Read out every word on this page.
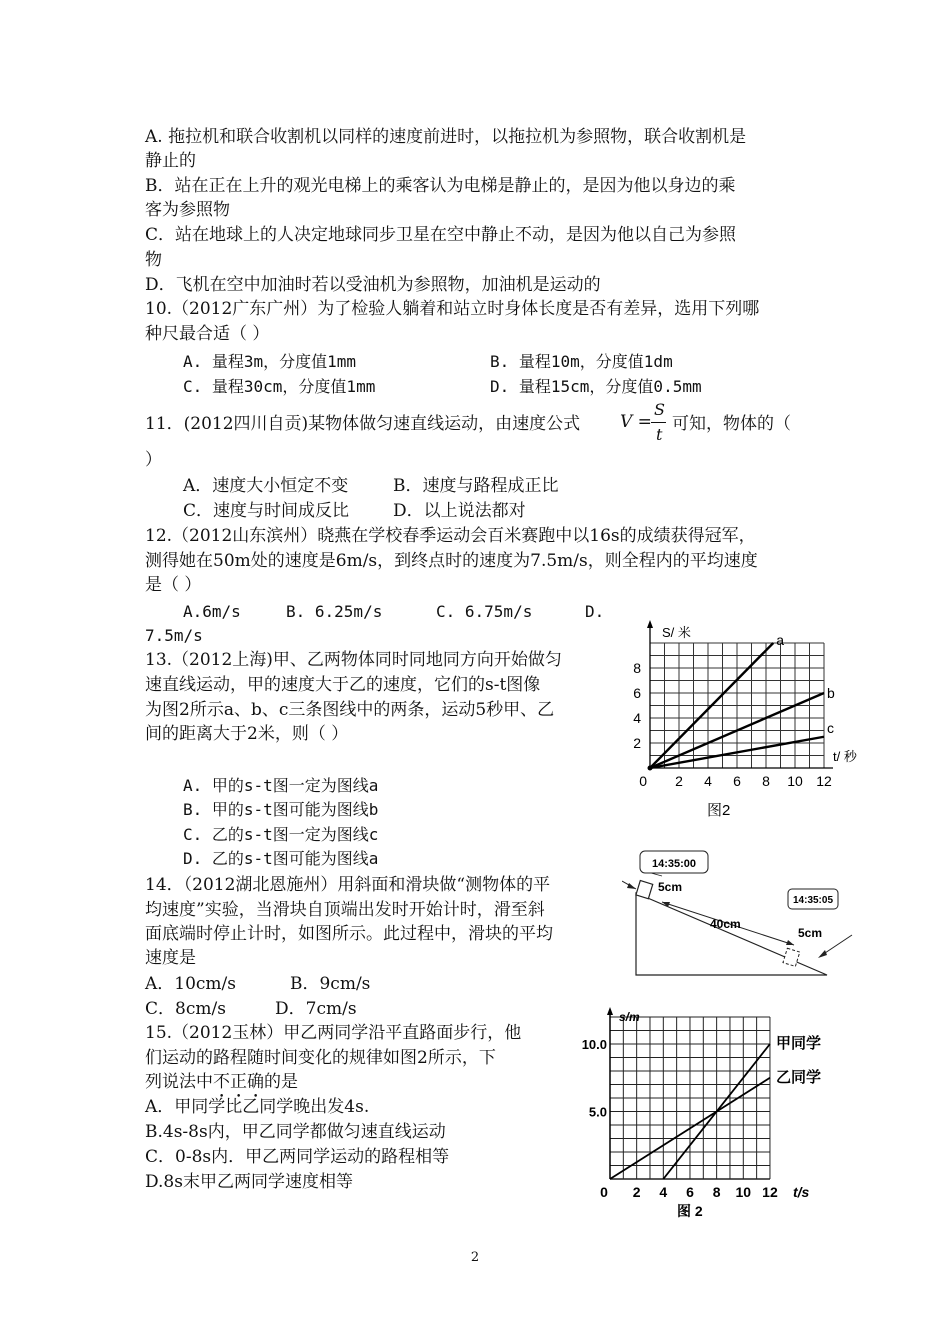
A. 拖拉机和联合收割机以同样的速度前进时，以拖拉机为参照物，联合收割机是
静止的
B．站在正在上升的观光电梯上的乘客认为电梯是静止的，是因为他以身边的乘
客为参照物
C．站在地球上的人决定地球同步卫星在空中静止不动，是因为他以自己为参照
物
D．飞机在空中加油时若以受油机为参照物，加油机是运动的
10.（2012广东广州）为了检验人躺着和站立时身体长度是否有差异，选用下列哪
种尺最合适（ ）
A. 量程3m，分度值1mm	B. 量程10m，分度值1dm
C. 量程30cm，分度值1mm	D. 量程15cm，分度值0.5mm
11．(2012四川自贡)某物体做匀速直线运动，由速度公式 V =
S
t
可知，物体的（
）
A．速度大小恒定不变	B．速度与路程成正比
C．速度与时间成反比	D．以上说法都对
12.（2012山东滨州）晓燕在学校春季运动会百米赛跑中以16s的成绩获得冠军，
测得她在50m处的速度是6m/s，到终点时的速度为7.5m/s，则全程内的平均速度
是（ ）
A.6m/s	B. 6.25m/s	C. 6.75m/s	D.
7.5m/s
13.（2012上海)甲、乙两物体同时同地同方向开始做匀
速直线运动，甲的速度大于乙的速度，它们的s-t图像
为图2所示a、b、c三条图线中的两条，运动5秒甲、乙
间的距离大于2米，则（ ）
A. 甲的s-t图一定为图线a
B. 甲的s-t图可能为图线b
C. 乙的s-t图一定为图线c
D. 乙的s-t图可能为图线a
14．（2012湖北恩施州）用斜面和滑块做“测物体的平
均速度”实验，当滑块自顶端出发时开始计时，滑至斜
面底端时停止计时，如图所示。此过程中，滑块的平均
速度是
A．10cm/s	B．9cm/s
C．8cm/s	D．7cm/s
15.（2012玉林）甲乙两同学沿平直路面步行，他
们运动的路程随时间变化的规律如图2所示，下
列说法中不正确的是
A．甲同学比乙同学晚出发4s.
B.4s-8s内，甲乙同学都做匀速直线运动
C．0-8s内．甲乙两同学运动的路程相等
D.8s末甲乙两同学速度相等
a
b
c
2 4 6 8 10 12
2
4
6
8
0
S/ 米
t/ 秒
图2
14:35:00
14:35:05
5cm
40cm
5cm
甲同学
乙同学
0 2 4 6 8 10 12
5.0
10.0
s/m
t/s
图 2
2
